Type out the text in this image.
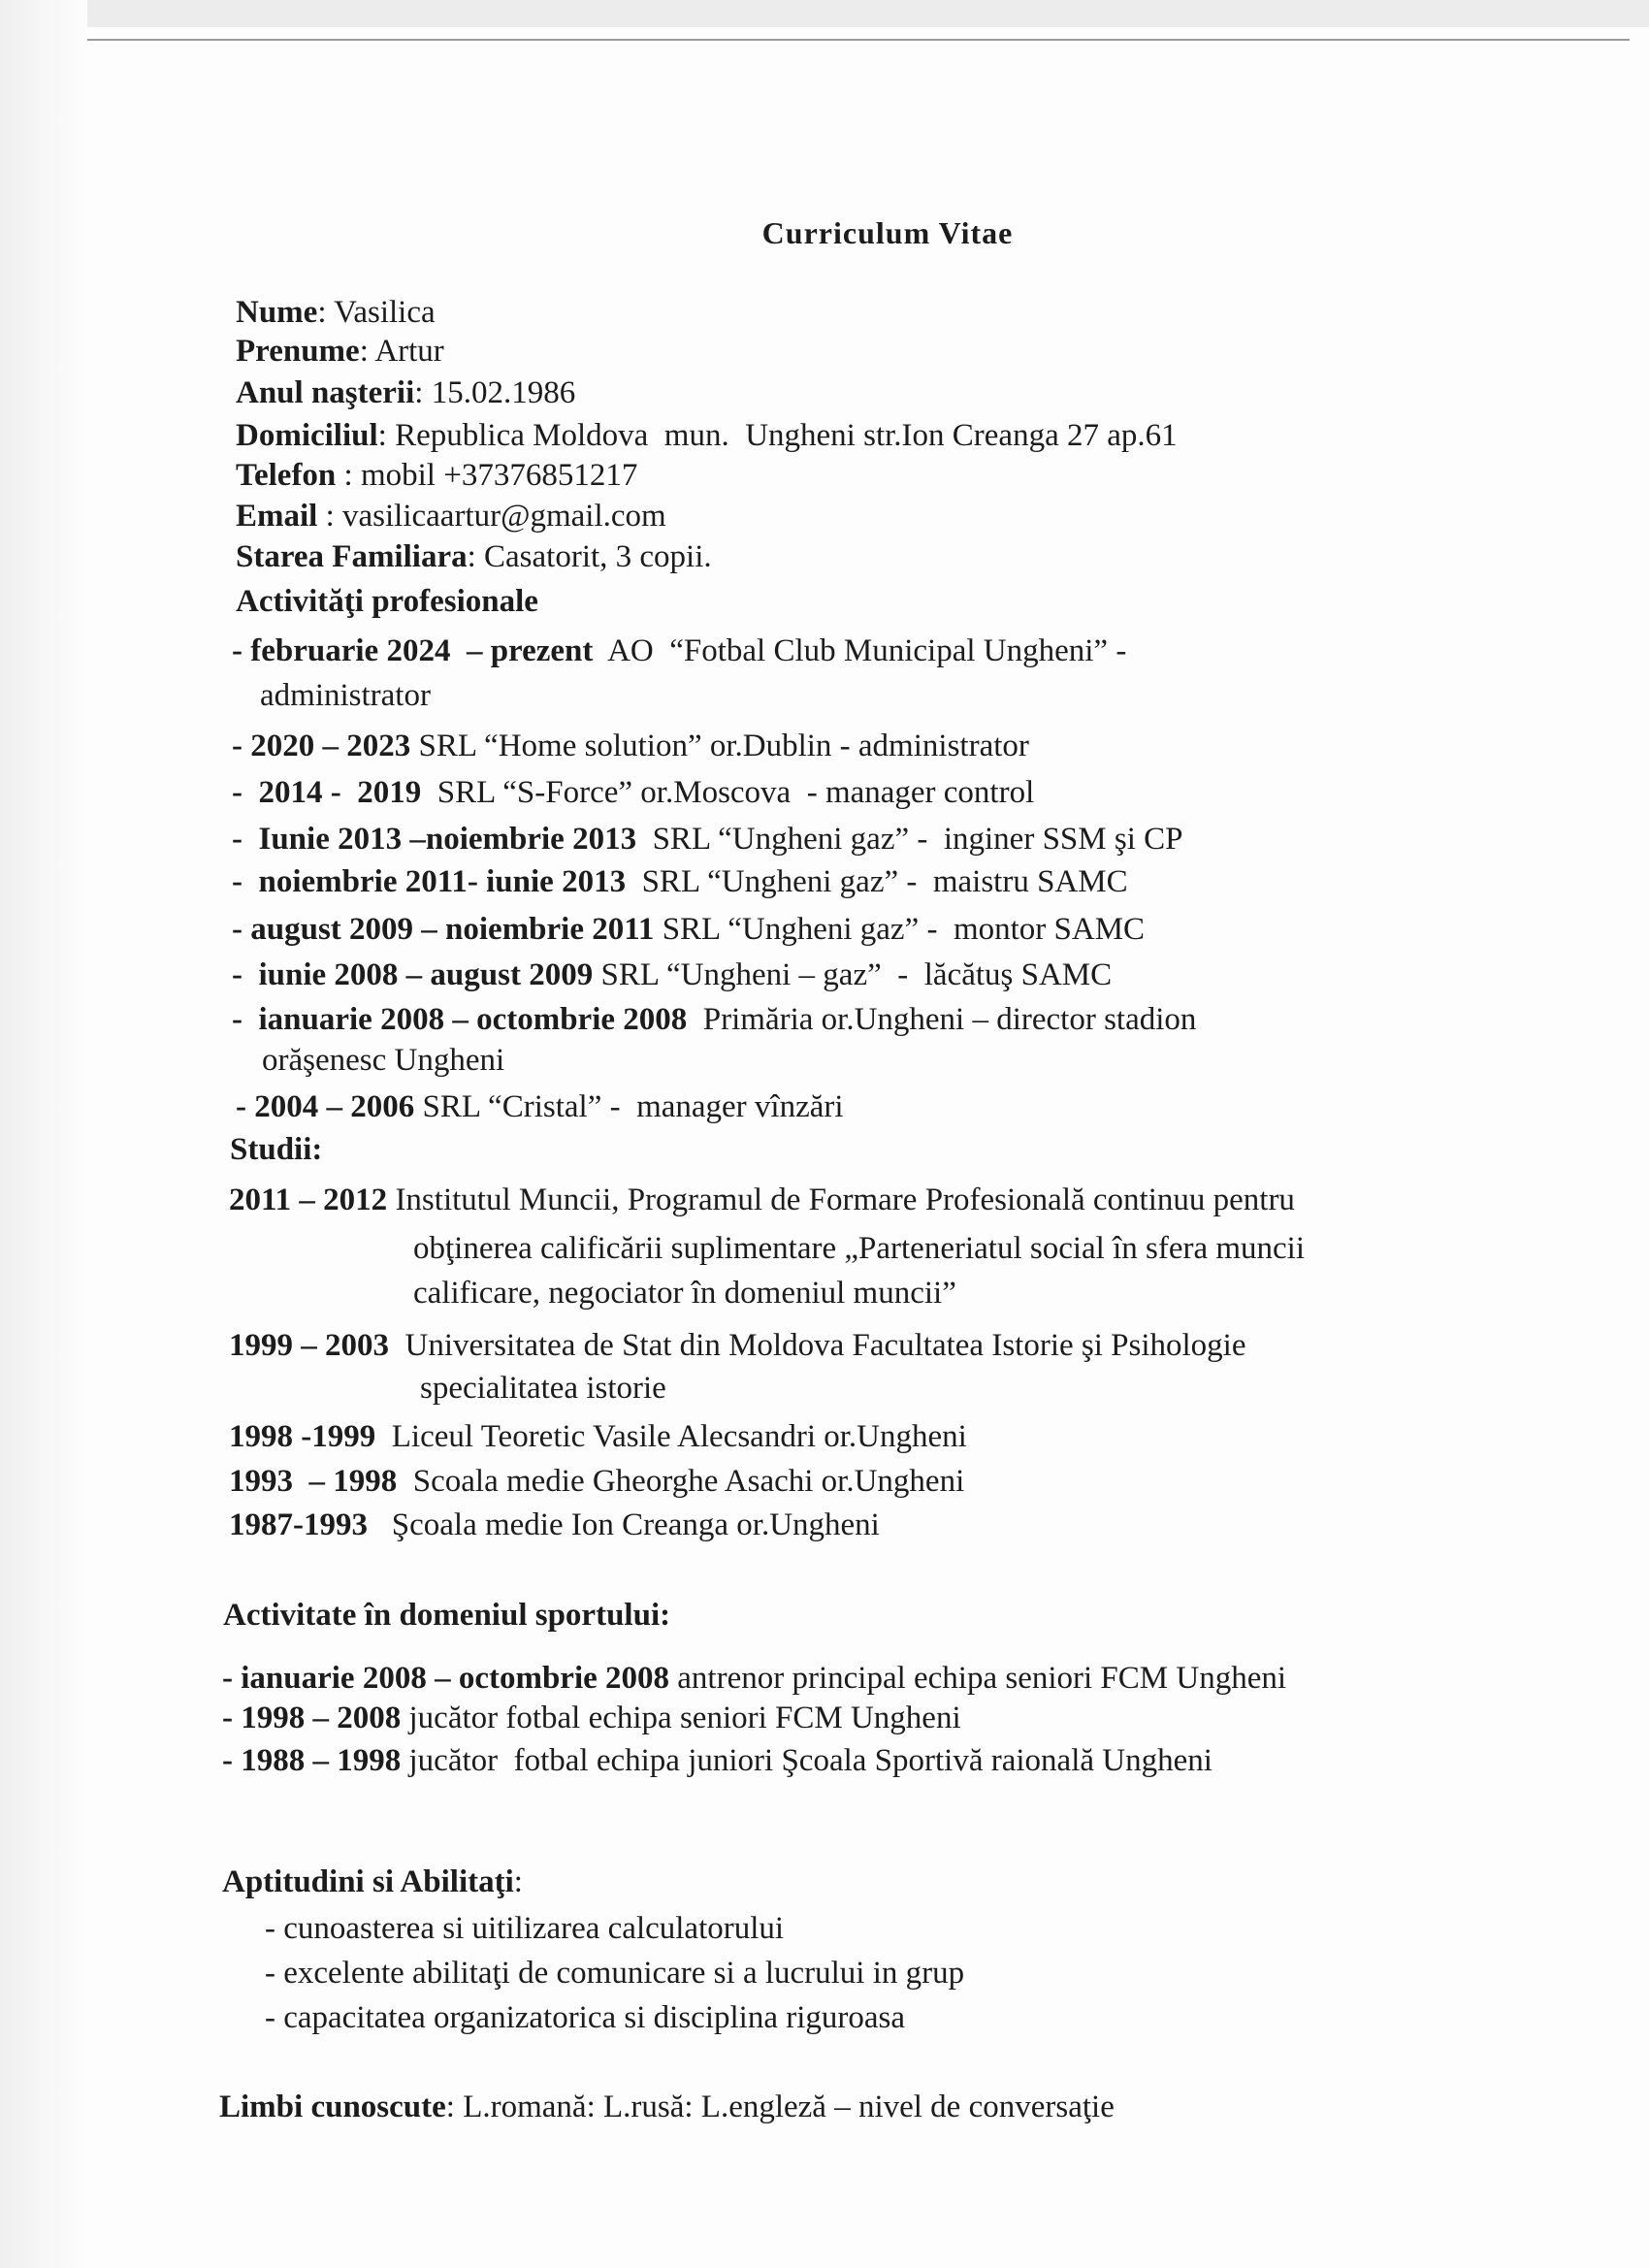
Curriculum Vitae
Nume: Vasilica
Prenume: Artur
Anul naşterii: 15.02.1986
Domiciliul: Republica Moldova  mun.  Ungheni str.Ion Creanga 27 ap.61
Telefon : mobil +37376851217
Email : vasilicaartur@gmail.com
Starea Familiara: Casatorit, 3 copii.
Activităţi profesionale
- februarie 2024  – prezent  AO  “Fotbal Club Municipal Ungheni” -
administrator
- 2020 – 2023 SRL “Home solution” or.Dublin - administrator
-  2014 -  2019  SRL “S-Force” or.Moscova  - manager control
-  Iunie 2013 –noiembrie 2013  SRL “Ungheni gaz” -  inginer SSM şi CP
-  noiembrie 2011- iunie 2013  SRL “Ungheni gaz” -  maistru SAMC
- august 2009 – noiembrie 2011 SRL “Ungheni gaz” -  montor SAMC
-  iunie 2008 – august 2009 SRL “Ungheni – gaz”  -  lăcătuş SAMC
-  ianuarie 2008 – octombrie 2008  Primăria or.Ungheni – director stadion
orăşenesc Ungheni
- 2004 – 2006 SRL “Cristal” -  manager vînzări
Studii:
2011 – 2012 Institutul Muncii, Programul de Formare Profesională continuu pentru
obţinerea calificării suplimentare „Parteneriatul social în sfera muncii
calificare, negociator în domeniul muncii”
1999 – 2003  Universitatea de Stat din Moldova Facultatea Istorie şi Psihologie
specialitatea istorie
1998 -1999  Liceul Teoretic Vasile Alecsandri or.Ungheni
1993  – 1998  Scoala medie Gheorghe Asachi or.Ungheni
1987-1993   Şcoala medie Ion Creanga or.Ungheni
Activitate în domeniul sportului:
- ianuarie 2008 – octombrie 2008 antrenor principal echipa seniori FCM Ungheni
- 1998 – 2008 jucător fotbal echipa seniori FCM Ungheni
- 1988 – 1998 jucător  fotbal echipa juniori Şcoala Sportivă raională Ungheni
Aptitudini si Abilitaţi:
- cunoasterea si uitilizarea calculatorului
- excelente abilitaţi de comunicare si a lucrului in grup
- capacitatea organizatorica si disciplina riguroasa
Limbi cunoscute: L.romană: L.rusă: L.engleză – nivel de conversaţie
